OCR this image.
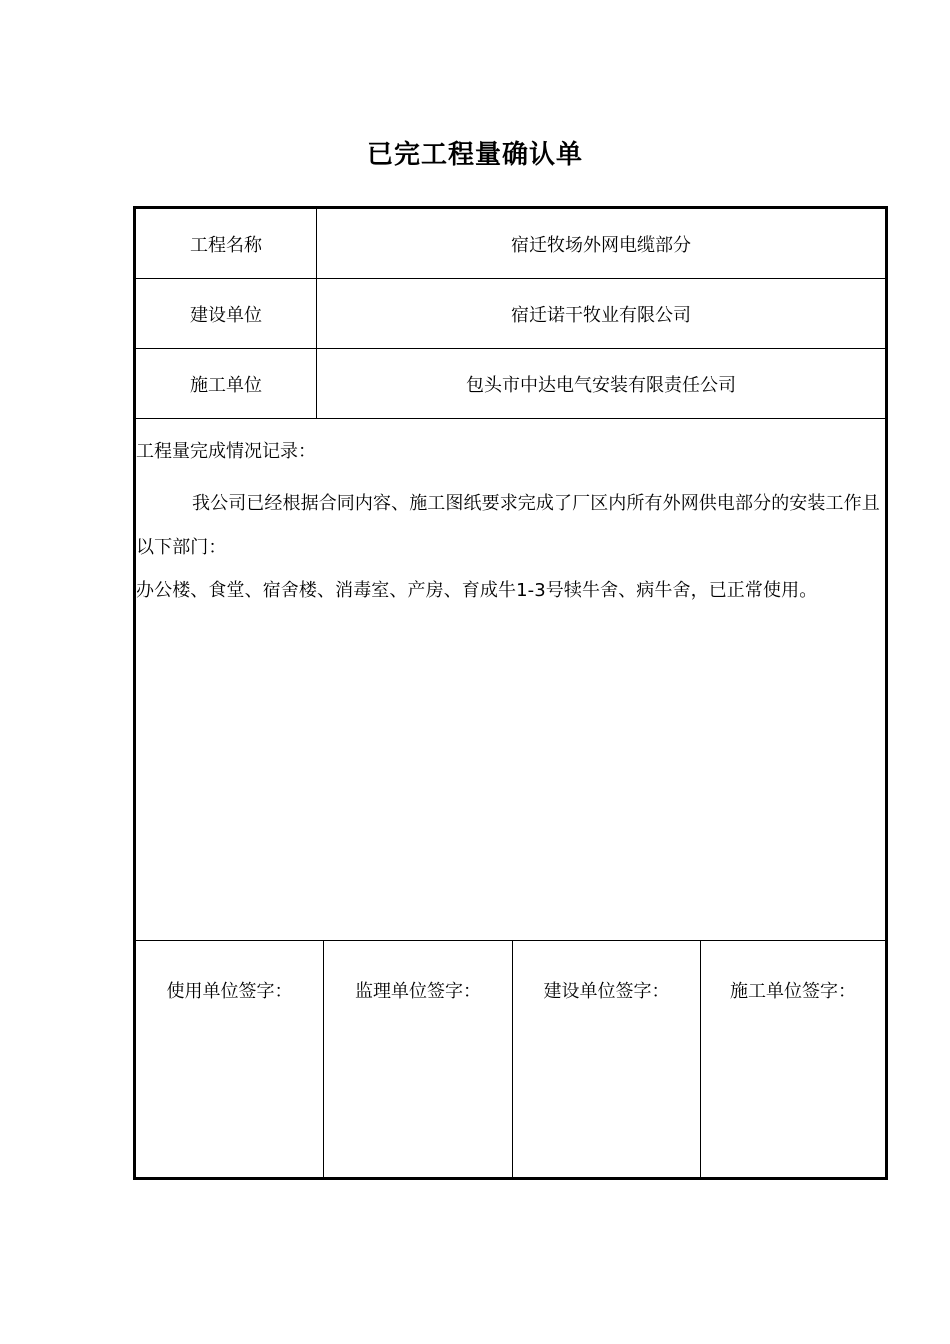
已完工程量确认单
工程名称	宿迁牧场外网电缆部分
建设单位	宿迁诺干牧业有限公司
施工单位	包头市中达电气安装有限责任公司
工程量完成情况记录：
我公司已经根据合同内容、施工图纸要求完成了厂区内所有外网供电部分的安装工作且以下部门：
办公楼、食堂、宿舍楼、消毒室、产房、育成牛1-3号犊牛舍、病牛舍，已正常使用。
使用单位签字：	监理单位签字：	建设单位签字：	施工单位签字：
